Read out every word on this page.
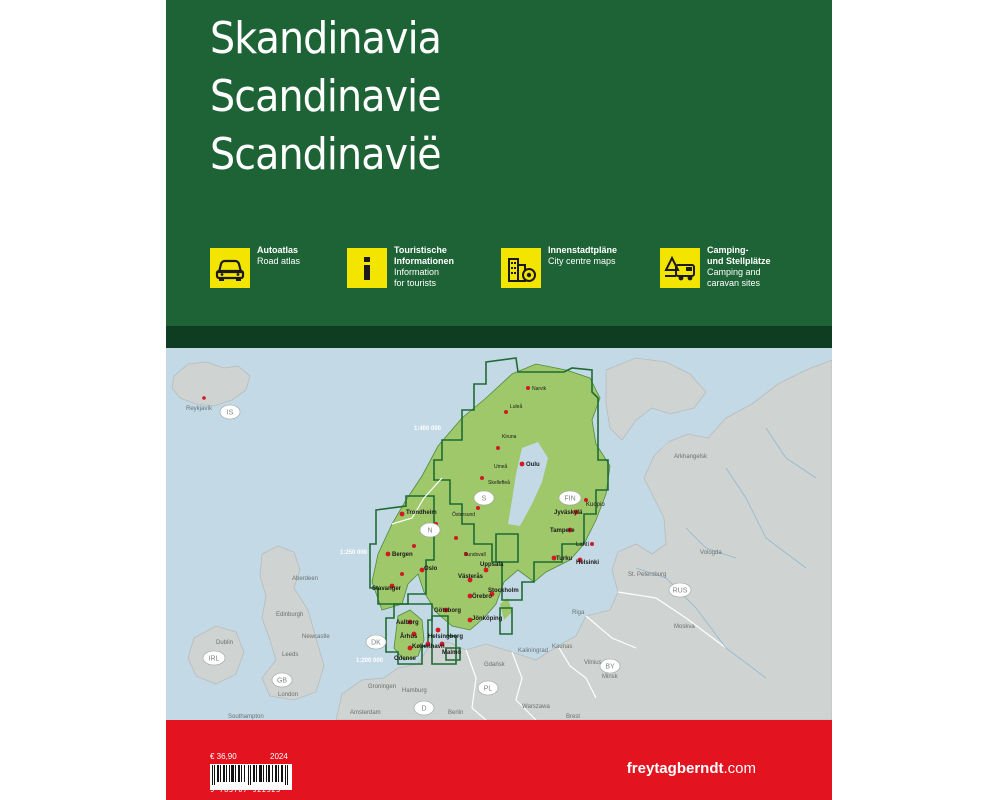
Skandinavia
Scandinavie
Scandinaviё
Autoatlas
Road atlas
Touristische
Informationen
Information
for tourists
Innenstadtpläne
City centre maps
Camping-
und Stellplätze
Camping and
caravan sites
IS
N
S	FIN
DK
IRL
GB
PL
BY
RUS
D
1:400 000
1:250 000
1:200 000
Reykjavík
Oulu
Trondheim
Bergen
Oslo
Stavanger
Uppsala
Västerås
Stockholm
Örebro
Göteborg
Jönköping
Turku
Tampere
Jyväskylä
Helsinki
Aalborg
Århus
København
Odense
Malmö
Helsingborg
Kuopio
Lahti
Aberdeen
Edinburgh
Newcastle
Leeds
Dublin
London
Southampton
Arkhangelsk
Vologda
St. Petersburg
Moskva
Riga
Vilnius
Minsk
Kaunas
Hamburg
Amsterdam
Groningen
Berlin
Warszawa
Gdańsk
Kaliningrad
Narvik
Kiruna
Luleå
Umeå
Sundsvall
Östersund
Skellefteå
Brest
€ 36,90	2024
9 783707 922523
freytagberndt.com
